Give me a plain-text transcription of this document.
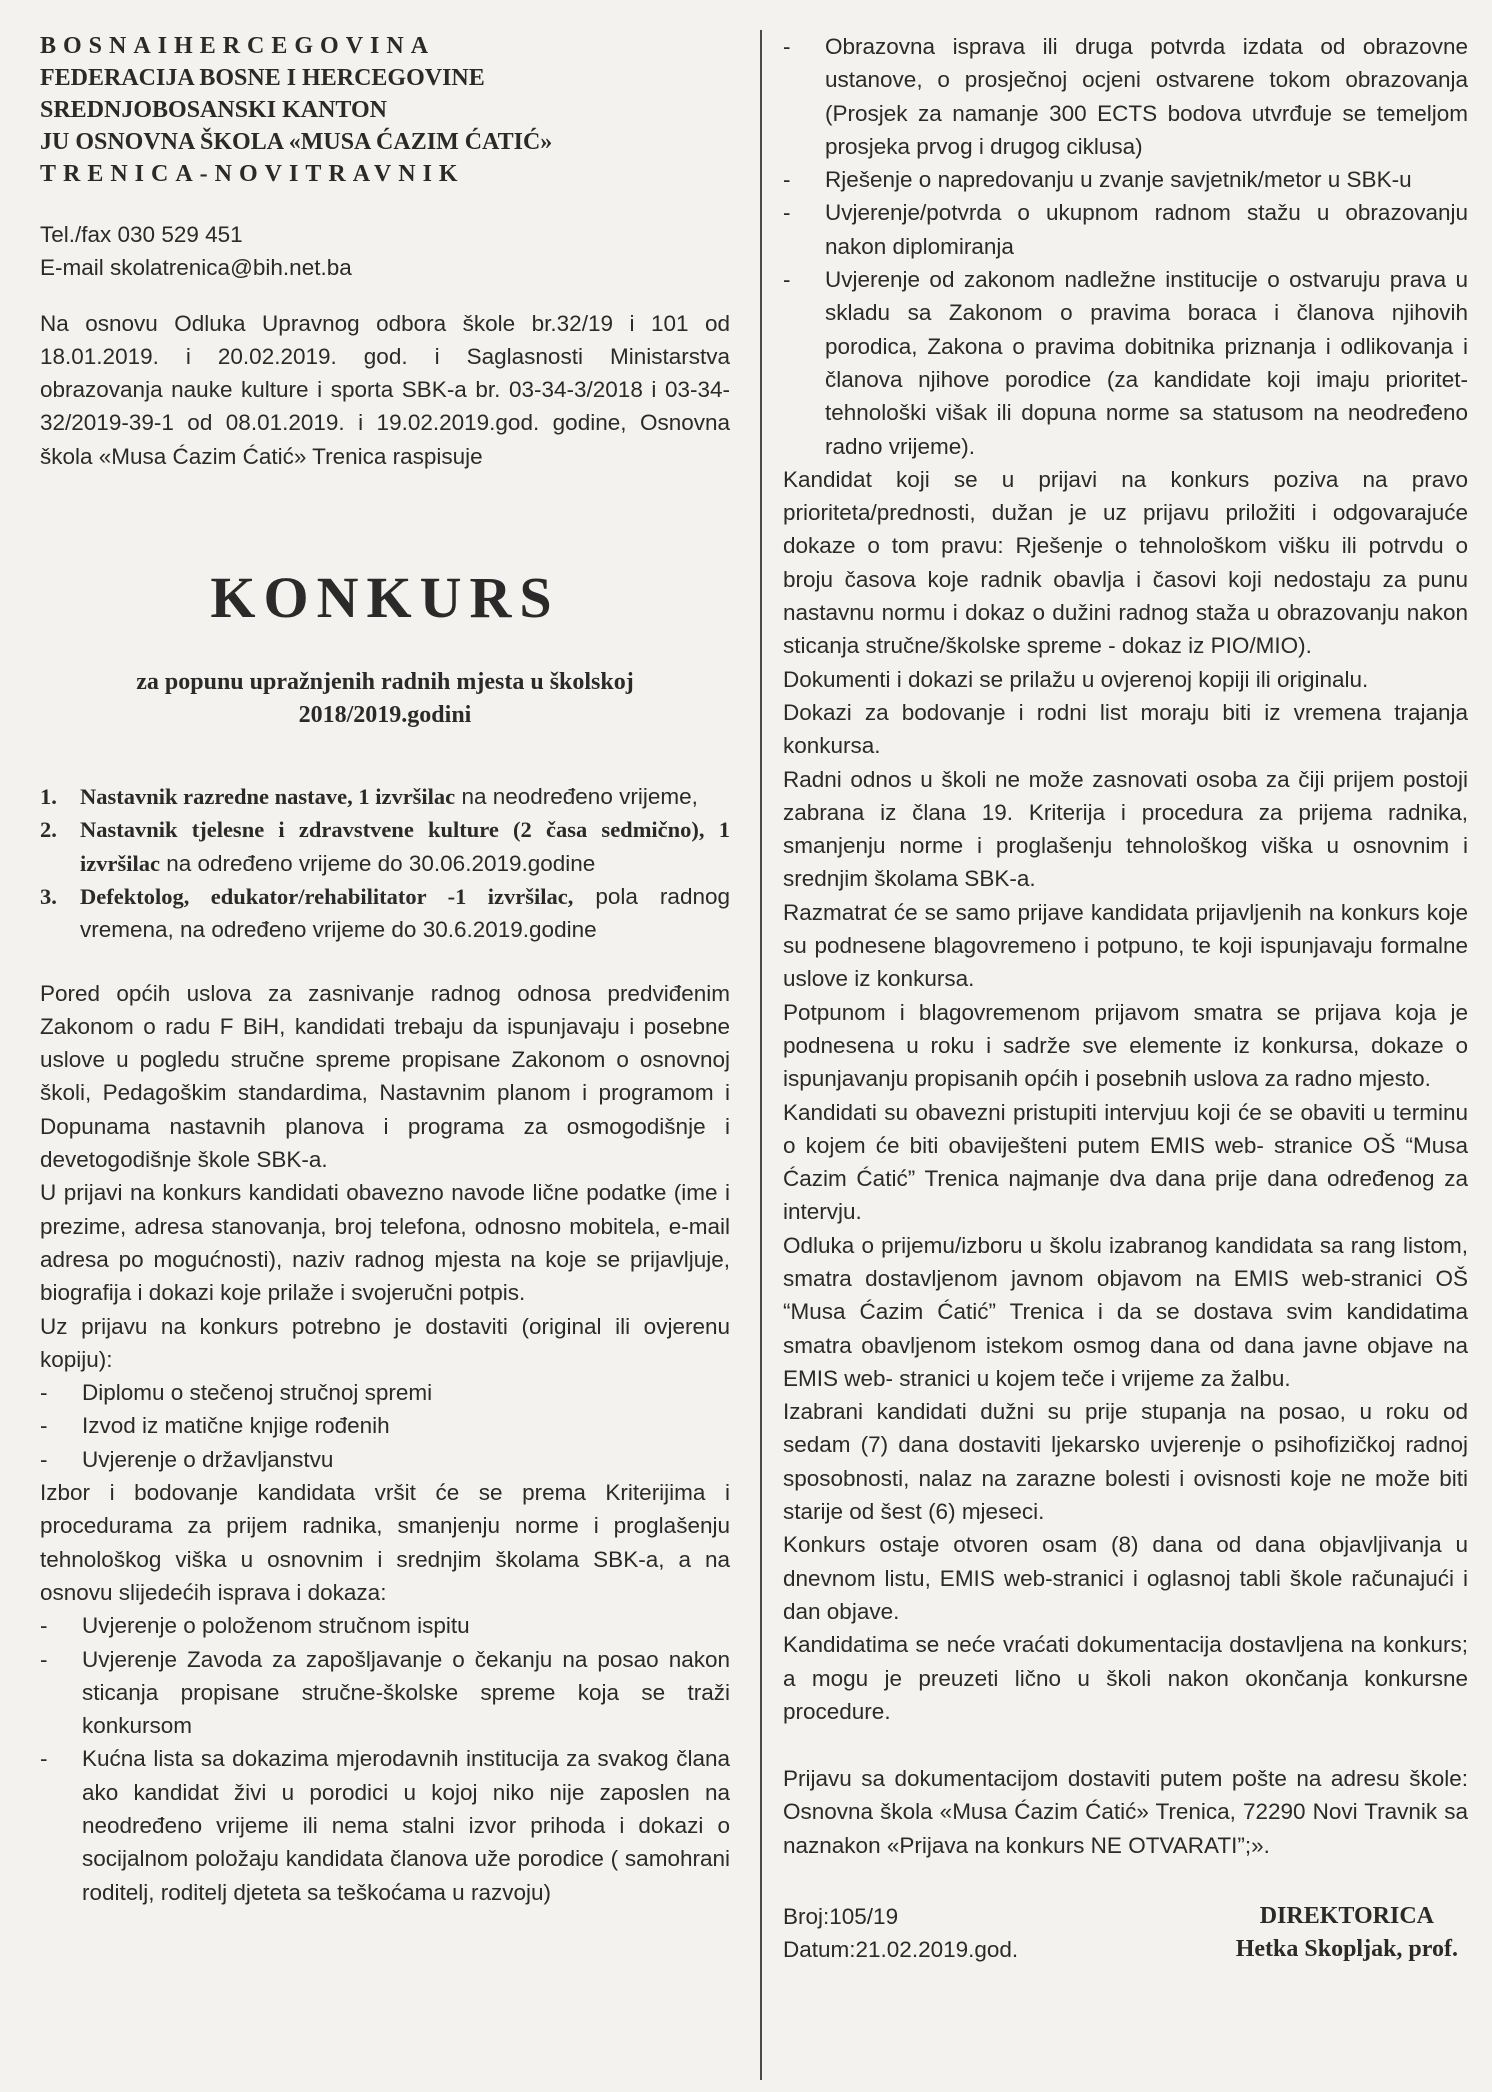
BOSNAIHERCEGOVINA

FEDERACIJA BOSNE I HERCEGOVINE

SREDNJOBOSANSKI KANTON

JU OSNOVNA ŠKOLA «MUSA ĆAZIM ĆATIĆ»

TRENICA-NOVITRAVNIK

Tel./fax 030 529 451

E-mail skolatrenica@bih.net.ba

Na osnovu Odluka Upravnog odbora škole br.32/19 i 101 od 18.01.2019. i 20.02.2019. god. i Saglasnosti Ministarstva obrazovanja nauke kulture i sporta SBK-a br. 03-34-3/2018 i 03-34-32/2019-39-1 od 08.01.2019. i 19.02.2019.god. godine, Osnovna škola «Musa Ćazim Ćatić» Trenica raspisuje

KONKURS
za popunu upražnjenih radnih mjesta u školskoj 2018/2019.godini
1.	Nastavnik razredne nastave, 1 izvršilac na neodređeno vrijeme,
2.	Nastavnik tjelesne i zdravstvene kulture (2 časa sedmično), 1 izvršilac na određeno vrijeme do 30.06.2019.godine
3.	Defektolog, edukator/rehabilitator -1 izvršilac, pola radnog vremena, na određeno vrijeme do 30.6.2019.godine

Pored općih uslova za zasnivanje radnog odnosa predviđenim Zakonom o radu F BiH, kandidati trebaju da ispunjavaju i posebne uslove u pogledu stručne spreme propisane Zakonom o osnovnoj školi, Pedagoškim standardima, Nastavnim planom i programom i Dopunama nastavnih planova i programa za osmogodišnje i devetogodišnje škole SBK-a.

U prijavi na konkurs kandidati obavezno navode lične podatke (ime i prezime, adresa stanovanja, broj telefona, odnosno mobitela, e-mail adresa po mogućnosti), naziv radnog mjesta na koje se prijavljuje, biografija i dokazi koje prilaže i svojeručni potpis.

Uz prijavu na konkurs potrebno je dostaviti (original ili ovjerenu kopiju):

-	Diplomu o stečenoj stručnoj spremi
-	Izvod iz matične knjige rođenih
-	Uvjerenje o državljanstvu

Izbor i bodovanje kandidata vršit će se prema Kriterijima i procedurama za prijem radnika, smanjenju norme i proglašenju tehnološkog viška u osnovnim i srednjim školama SBK-a, a na osnovu slijedećih isprava i dokaza:

-	Uvjerenje o položenom stručnom ispitu
-	Uvjerenje Zavoda za zapošljavanje o čekanju na posao nakon sticanja propisane stručne-školske spreme koja se traži konkursom
-	Kućna lista sa dokazima mjerodavnih institucija za svakog člana ako kandidat živi u porodici u kojoj niko nije zaposlen na neodređeno vrijeme ili nema stalni izvor prihoda i dokazi o socijalnom položaju kandidata članova uže porodice ( samohrani roditelj, roditelj djeteta sa teškoćama u razvoju)
-	Obrazovna isprava ili druga potvrda izdata od obrazovne ustanove, o prosječnoj ocjeni ostvarene tokom obrazovanja (Prosjek za namanje 300 ECTS bodova utvrđuje se temeljom prosjeka prvog i drugog ciklusa)
-	Rješenje o napredovanju u zvanje savjetnik/metor u SBK-u
-	Uvjerenje/potvrda o ukupnom radnom stažu u obrazovanju nakon diplomiranja
-	Uvjerenje od zakonom nadležne institucije o ostvaruju prava u skladu sa Zakonom o pravima boraca i članova njihovih porodica, Zakona o pravima dobitnika priznanja i odlikovanja i članova njihove porodice (za kandidate koji imaju prioritet- tehnološki višak ili dopuna norme sa statusom na neodređeno radno vrijeme).

Kandidat koji se u prijavi na konkurs poziva na pravo prioriteta/prednosti, dužan je uz prijavu priložiti i odgovarajuće dokaze o tom pravu: Rješenje o tehnološkom višku ili potrvdu o broju časova koje radnik obavlja i časovi koji nedostaju za punu nastavnu normu i dokaz o dužini radnog staža u obrazovanju nakon sticanja stručne/školske spreme - dokaz iz PIO/MIO).

Dokumenti i dokazi se prilažu u ovjerenoj kopiji ili originalu.

Dokazi za bodovanje i rodni list moraju biti iz vremena trajanja konkursa.

Radni odnos u školi ne može zasnovati osoba za čiji prijem postoji zabrana iz člana 19. Kriterija i procedura za prijema radnika, smanjenju norme i proglašenju tehnološkog viška u osnovnim i srednjim školama SBK-a.

Razmatrat će se samo prijave kandidata prijavljenih na konkurs koje su podnesene blagovremeno i potpuno, te koji ispunjavaju formalne uslove iz konkursa.

Potpunom i blagovremenom prijavom smatra se prijava koja je podnesena u roku i sadrže sve elemente iz konkursa, dokaze o ispunjavanju propisanih općih i posebnih uslova za radno mjesto.

Kandidati su obavezni pristupiti intervjuu koji će se obaviti u terminu o kojem će biti obaviješteni putem EMIS web- stranice OŠ “Musa Ćazim Ćatić” Trenica najmanje dva dana prije dana određenog za intervju.

Odluka o prijemu/izboru u školu izabranog kandidata sa rang listom, smatra dostavljenom javnom objavom na EMIS web-stranici OŠ “Musa Ćazim Ćatić” Trenica i da se dostava svim kandidatima smatra obavljenom istekom osmog dana od dana javne objave na EMIS web- stranici u kojem teče i vrijeme za žalbu.

Izabrani kandidati dužni su prije stupanja na posao, u roku od sedam (7) dana dostaviti ljekarsko uvjerenje o psihofizičkoj radnoj sposobnosti, nalaz na zarazne bolesti i ovisnosti koje ne može biti starije od šest (6) mjeseci.

Konkurs ostaje otvoren osam (8) dana od dana objavljivanja u dnevnom listu, EMIS web-stranici i oglasnoj tabli škole računajući i dan objave.

Kandidatima se neće vraćati dokumentacija dostavljena na konkurs; a mogu je preuzeti lično u školi nakon okončanja konkursne procedure.

Prijavu sa dokumentacijom dostaviti putem pošte na adresu škole: Osnovna škola «Musa Ćazim Ćatić» Trenica, 72290 Novi Travnik sa naznakon «Prijava na konkurs NE OTVARATI”;».

Broj:105/19
Datum:21.02.2019.god.
DIREKTORICA
Hetka Skopljak, prof.
